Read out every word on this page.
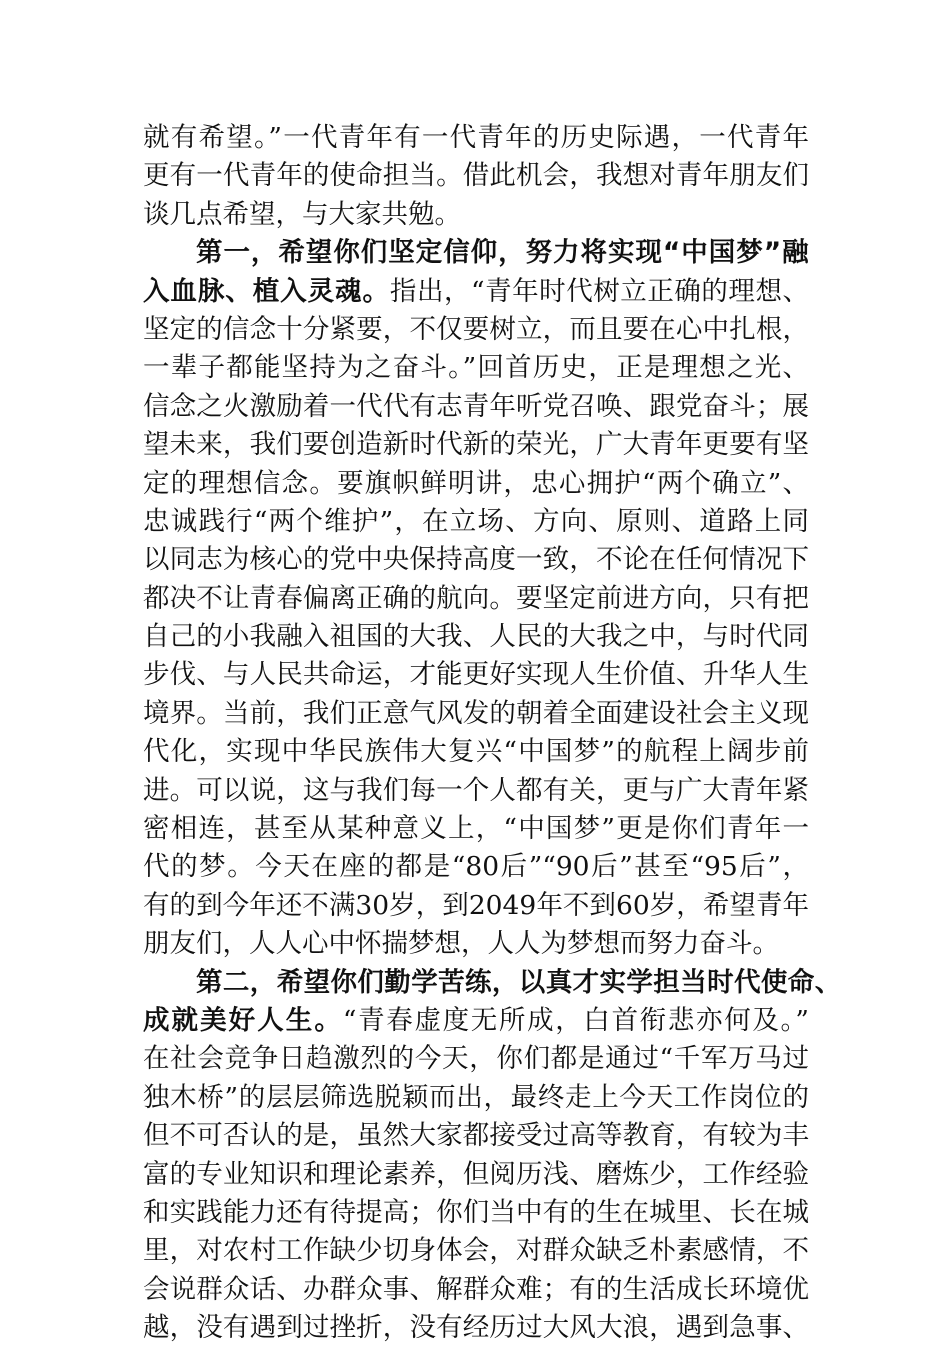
就有希望。”一代青年有一代青年的历史际遇，一代青年
更有一代青年的使命担当。借此机会，我想对青年朋友们
谈几点希望，与大家共勉。
第一，希望你们坚定信仰，努力将实现“中国梦”融
入血脉、植入灵魂。指出，“青年时代树立正确的理想、
坚定的信念十分紧要，不仅要树立，而且要在心中扎根，
一辈子都能坚持为之奋斗。”回首历史，正是理想之光、
信念之火激励着一代代有志青年听党召唤、跟党奋斗；展
望未来，我们要创造新时代新的荣光，广大青年更要有坚
定的理想信念。要旗帜鲜明讲，忠心拥护“两个确立”、
忠诚践行“两个维护”，在立场、方向、原则、道路上同
以同志为核心的党中央保持高度一致，不论在任何情况下
都决不让青春偏离正确的航向。要坚定前进方向，只有把
自己的小我融入祖国的大我、人民的大我之中，与时代同
步伐、与人民共命运，才能更好实现人生价值、升华人生
境界。当前，我们正意气风发的朝着全面建设社会主义现
代化，实现中华民族伟大复兴“中国梦”的航程上阔步前
进。可以说，这与我们每一个人都有关，更与广大青年紧
密相连，甚至从某种意义上，“中国梦”更是你们青年一
代的梦。今天在座的都是“80后”“90后”甚至“95后”，
有的到今年还不满30岁，到2049年不到60岁，希望青年
朋友们，人人心中怀揣梦想，人人为梦想而努力奋斗。
第二，希望你们勤学苦练，以真才实学担当时代使命、
成就美好人生。“青春虚度无所成，白首衔悲亦何及。”
在社会竞争日趋激烈的今天，你们都是通过“千军万马过
独木桥”的层层筛选脱颖而出，最终走上今天工作岗位的
但不可否认的是，虽然大家都接受过高等教育，有较为丰
富的专业知识和理论素养，但阅历浅、磨炼少，工作经验
和实践能力还有待提高；你们当中有的生在城里、长在城
里，对农村工作缺少切身体会，对群众缺乏朴素感情，不
会说群众话、办群众事、解群众难；有的生活成长环境优
越，没有遇到过挫折，没有经历过大风大浪，遇到急事、
